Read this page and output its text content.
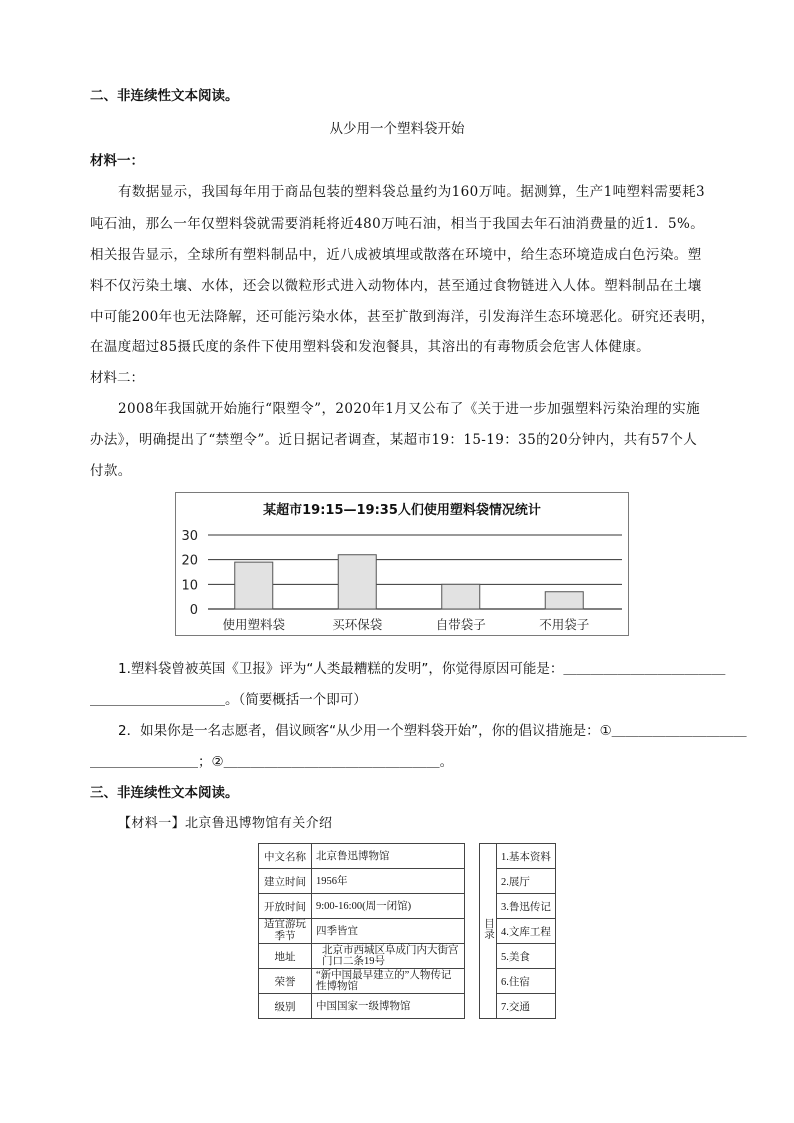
二、非连续性文本阅读。
从少用一个塑料袋开始
材料一：
有数据显示，我国每年用于商品包装的塑料袋总量约为160万吨。据测算，生产1吨塑料需要耗3
吨石油，那么一年仅塑料袋就需要消耗将近480万吨石油，相当于我国去年石油消费量的近1．5%。
相关报告显示，全球所有塑料制品中，近八成被填埋或散落在环境中，给生态环境造成白色污染。塑
料不仅污染土壤、水体，还会以微粒形式进入动物体内，甚至通过食物链进入人体。塑料制品在土壤
中可能200年也无法降解，还可能污染水体，甚至扩散到海洋，引发海洋生态环境恶化。研究还表明，
在温度超过85摄氏度的条件下使用塑料袋和发泡餐具，其溶出的有毒物质会危害人体健康。
材料二：
2008年我国就开始施行“限塑令”，2020年1月又公布了《关于进一步加强塑料污染治理的实施
办法》，明确提出了“禁塑令”。近日据记者调查，某超市19：15-19：35的20分钟内，共有57个人
付款。
某超市19:15—19:35人们使用塑料袋情况统计
30
20
10
0
使用塑料袋	买环保袋	自带袋子	不用袋子
1.塑料袋曾被英国《卫报》评为“人类最糟糕的发明”，你觉得原因可能是：＿＿＿＿＿＿＿＿＿＿＿＿
＿＿＿＿＿＿＿＿＿＿。（简要概括一个即可）
2．如果你是一名志愿者，倡议顾客“从少用一个塑料袋开始”，你的倡议措施是：①＿＿＿＿＿＿＿＿＿＿
＿＿＿＿＿＿＿＿；②＿＿＿＿＿＿＿＿＿＿＿＿＿＿＿＿。
三、非连续性文本阅读。
【材料一】北京鲁迅博物馆有关介绍
中文名称	北京鲁迅博物馆		目录	1.基本资料
建立时间	1956年			2.展厅
开放时间	9:00-16:00(周一闭馆)			3.鲁迅传记
适宜游玩季节	四季皆宜			4.文库工程
地址	北京市西城区阜成门内大街宫门口二条19号			5.美食
荣誉	“新中国最早建立的”人物传记性博物馆			6.住宿
级别	中国国家一级博物馆			7.交通
